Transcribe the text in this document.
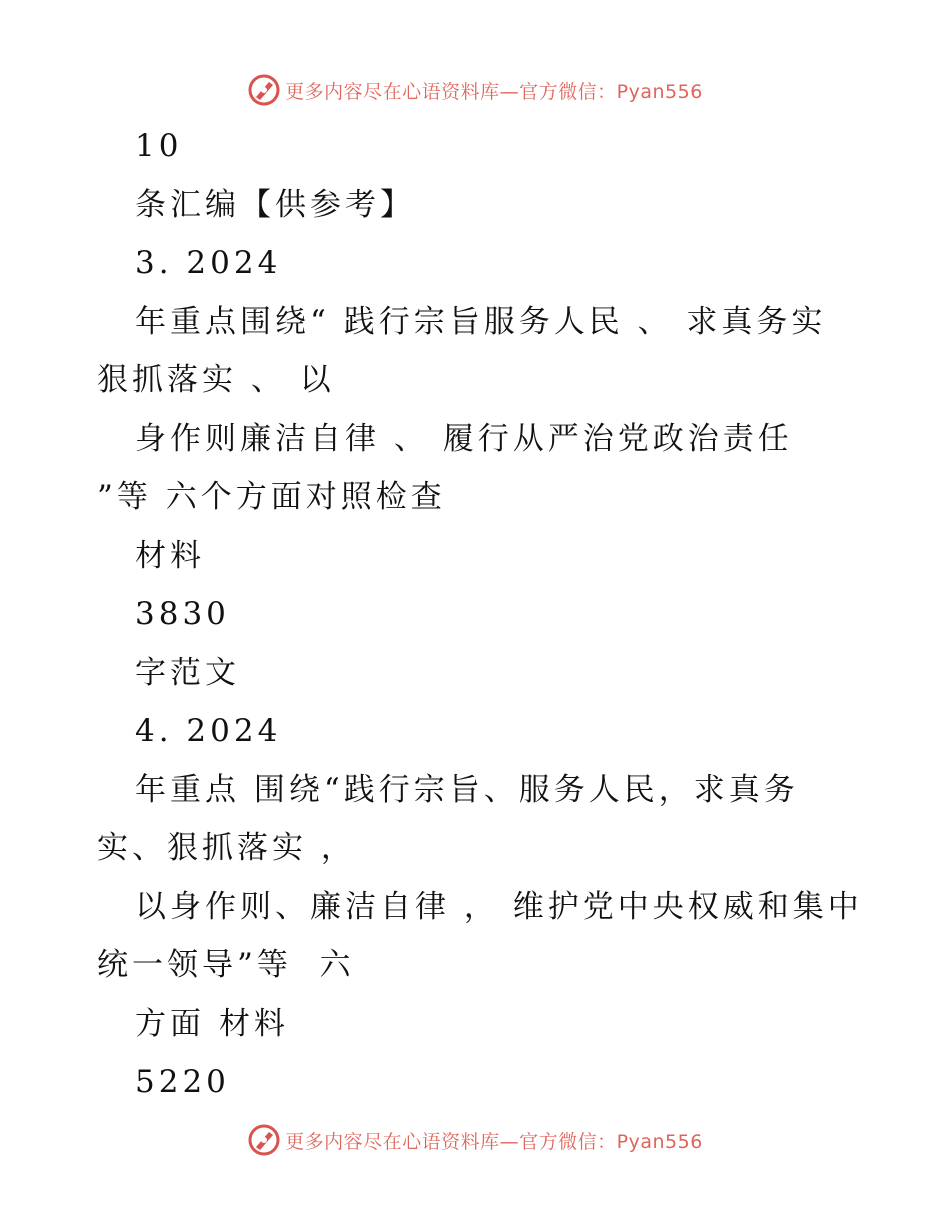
更多内容尽在心语资料库—官方微信：Pyan556
10
条汇编【供参考】
3. 2024
年重点围绕“ 践行宗旨服务人民 、 求真务实
狠抓落实 、 以
身作则廉洁自律 、 履行从严治党政治责任
”等 六个方面对照检查
材料
3830
字范文
4. 2024
年重点 围绕“践行宗旨、服务人民，求真务
实、狠抓落实 ，
以身作则、廉洁自律 ， 维护党中央权威和集中
统一领导”等  六
方面 材料
5220
更多内容尽在心语资料库—官方微信：Pyan556
